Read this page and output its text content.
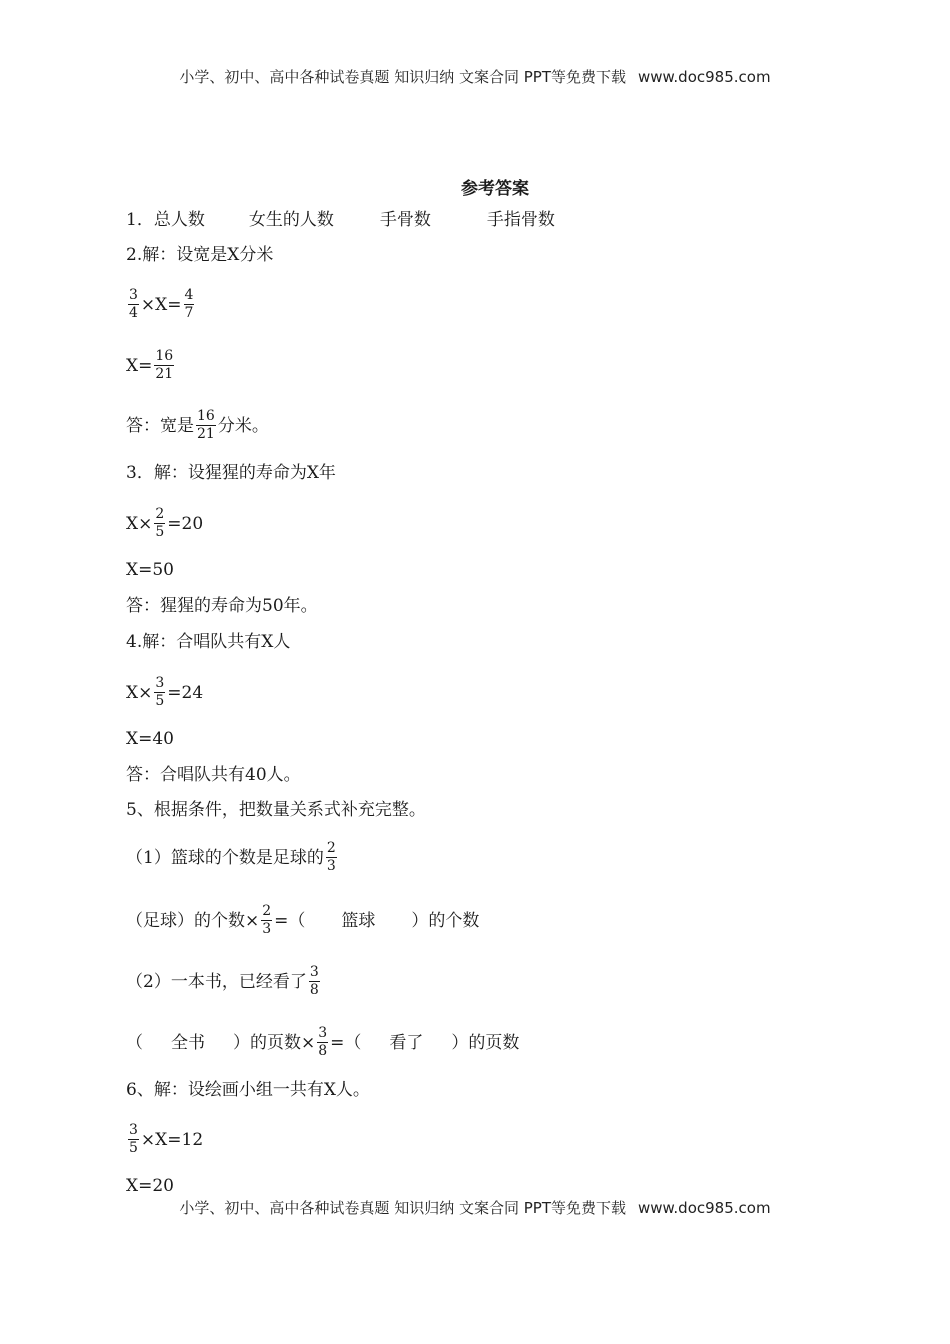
小学、初中、高中各种试卷真题 知识归纳 文案合同 PPT等免费下载 www.doc985.com
参考答案
1． 总人数	女生的人数	手骨数	手指骨数
2.解：设宽是X分米
$\frac{3}{4} \times X= \frac{4}{7}$
$X= \frac{16}{21}$
答：宽是 $\frac{16}{21}$ 分米。
3．解：设猩猩的寿命为X年
$X\times \frac{2}{5} =20$
X=50
答：猩猩的寿命为50年。
4.解：合唱队共有X人
$X\times \frac{3}{5} =24$
X=40
答：合唱队共有40人。
5、根据条件，把数量关系式补充完整。
（1）篮球的个数是足球的 $\frac{2}{3}$
（足球）的个数× $\frac{2}{3}$ =（	篮球	）的个数
（2）一本书，已经看了 $\frac{3}{8}$
（	全书	）的页数× $\frac{3}{8}$ =（	看了	）的页数
6、解：设绘画小组一共有X人。
$\frac{3}{5} \times X=12$
X=20
小学、初中、高中各种试卷真题 知识归纳 文案合同 PPT等免费下载 www.doc985.com
